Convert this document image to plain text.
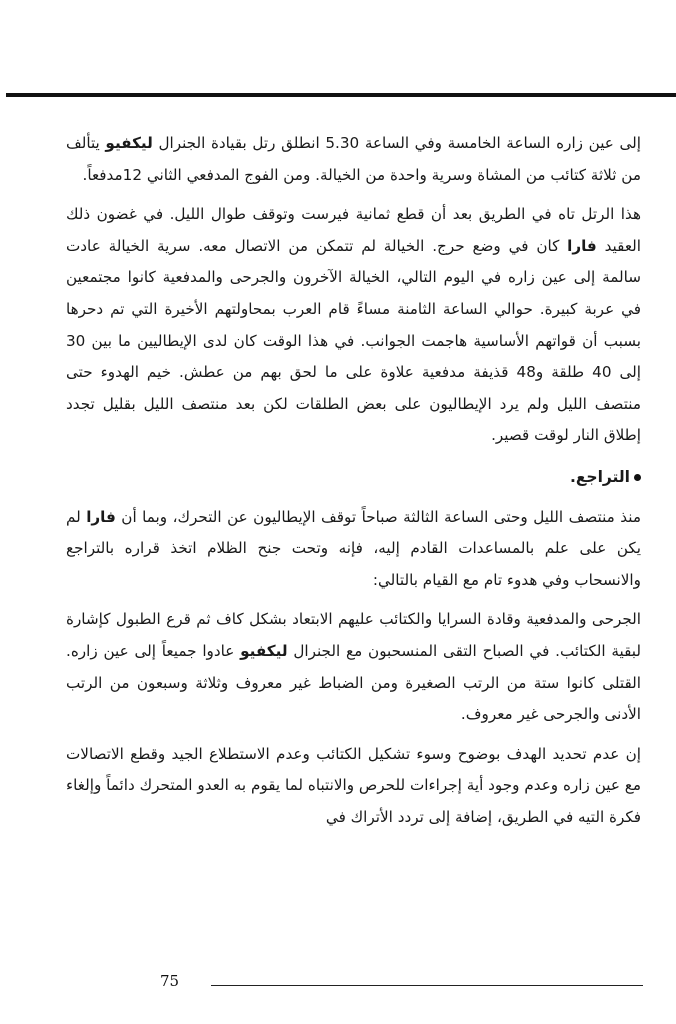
إلى عين زاره الساعة الخامسة وفي الساعة 5.30 انطلق رتل بقيادة الجنرال ليكفيو يتألف من ثلاثة كتائب من المشاة وسرية واحدة من الخيالة. ومن الفوج المدفعي الثاني 12مدفعاً.

هذا الرتل تاه في الطريق بعد أن قطع ثمانية فيرست وتوقف طوال الليل. في غضون ذلك العقيد فارا كان في وضع حرج. الخيالة لم تتمكن من الاتصال معه. سرية الخيالة عادت سالمة إلى عين زاره في اليوم التالي، الخيالة الآخرون والجرحى والمدفعية كانوا مجتمعين في عربة كبيرة. حوالي الساعة الثامنة مساءً قام العرب بمحاولتهم الأخيرة التي تم دحرها بسبب أن قواتهم الأساسية هاجمت الجوانب. في هذا الوقت كان لدى الإيطاليين ما بين 30 إلى 40 طلقة و48 قذيفة مدفعية علاوة على ما لحق بهم من عطش. خيم الهدوء حتى منتصف الليل ولم يرد الإيطاليون على بعض الطلقات لكن بعد منتصف الليل بقليل تجدد إطلاق النار لوقت قصير.

التراجع.

منذ منتصف الليل وحتى الساعة الثالثة صباحاً توقف الإيطاليون عن التحرك، وبما أن فارا لم يكن على علم بالمساعدات القادم إليه، فإنه وتحت جنح الظلام اتخذ قراره بالتراجع والانسحاب وفي هدوء تام مع القيام بالتالي:

الجرحى والمدفعية وقادة السرايا والكتائب عليهم الابتعاد بشكل كاف ثم قرع الطبول كإشارة لبقية الكتائب. في الصباح التقى المنسحبون مع الجنرال ليكفيو عادوا جميعاً إلى عين زاره. القتلى كانوا ستة من الرتب الصغيرة ومن الضباط غير معروف وثلاثة وسبعون من الرتب الأدنى والجرحى غير معروف.

إن عدم تحديد الهدف بوضوح وسوء تشكيل الكتائب وعدم الاستطلاع الجيد وقطع الاتصالات مع عين زاره وعدم وجود أية إجراءات للحرص والانتباه لما يقوم به العدو المتحرك دائماً وإلغاء فكرة التيه في الطريق، إضافة إلى تردد الأتراك في

75
